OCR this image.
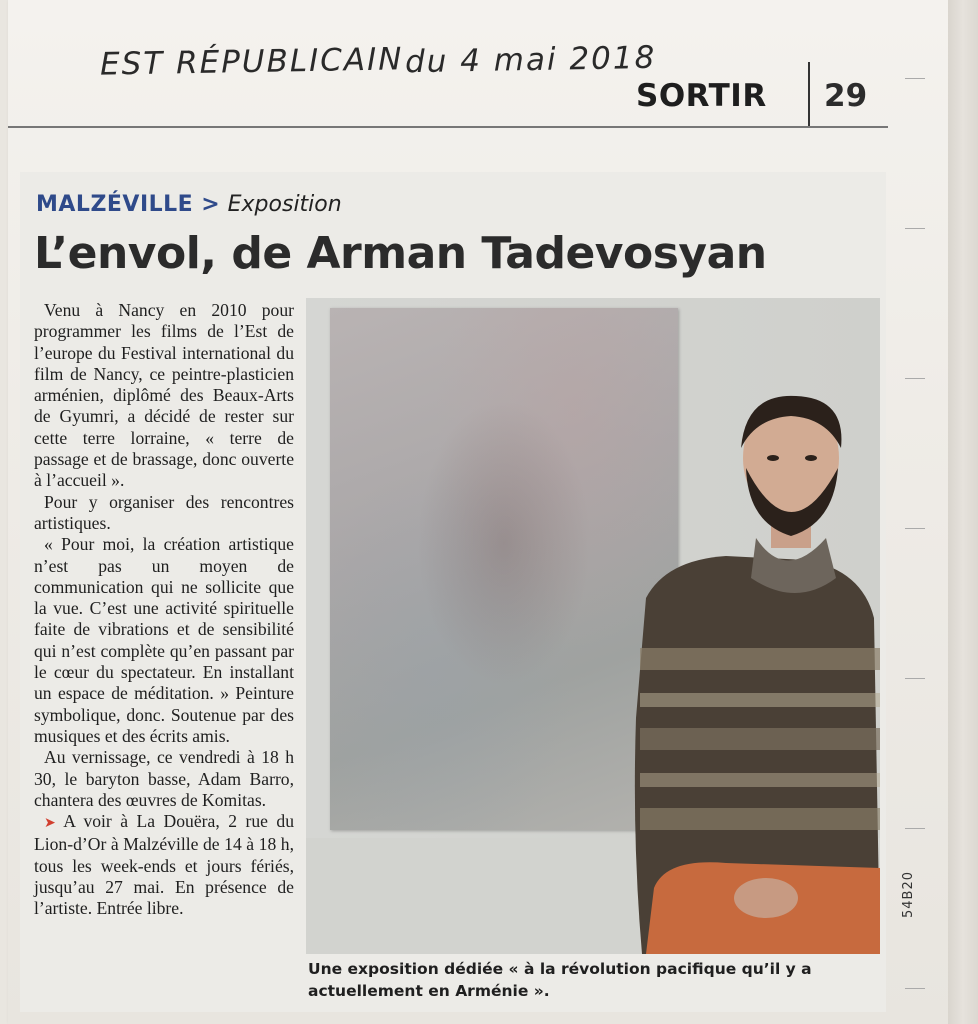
EST RÉPUBLICAIN du 4 mai 2018
SORTIR 29
MALZÉVILLE > Exposition
L’envol, de Arman Tadevosyan

Venu à Nancy en 2010 pour programmer les films de l’Est de l’europe du Festival international du film de Nancy, ce peintre-plasticien arménien, diplômé des Beaux-Arts de Gyumri, a décidé de rester sur cette terre lorraine, « terre de passage et de brassage, donc ouverte à l’accueil ».

Pour y organiser des rencontres artistiques.

« Pour moi, la création artistique n’est pas un moyen de communication qui ne sollicite que la vue. C’est une activité spirituelle faite de vibrations et de sensibilité qui n’est complète qu’en passant par le cœur du spectateur. En installant un espace de méditation. » Peinture symbolique, donc. Soutenue par des musiques et des écrits amis.

Au vernissage, ce vendredi à 18 h 30, le baryton basse, Adam Barro, chantera des œuvres de Komitas.

➤ A voir à La Douëra, 2 rue du Lion-d’Or à Malzéville de 14 à 18 h, tous les week-ends et jours fériés, jusqu’au 27 mai. En présence de l’artiste. Entrée libre.

Une exposition dédiée « à la révolution pacifique qu’il y a actuellement en Arménie ».
54B20
